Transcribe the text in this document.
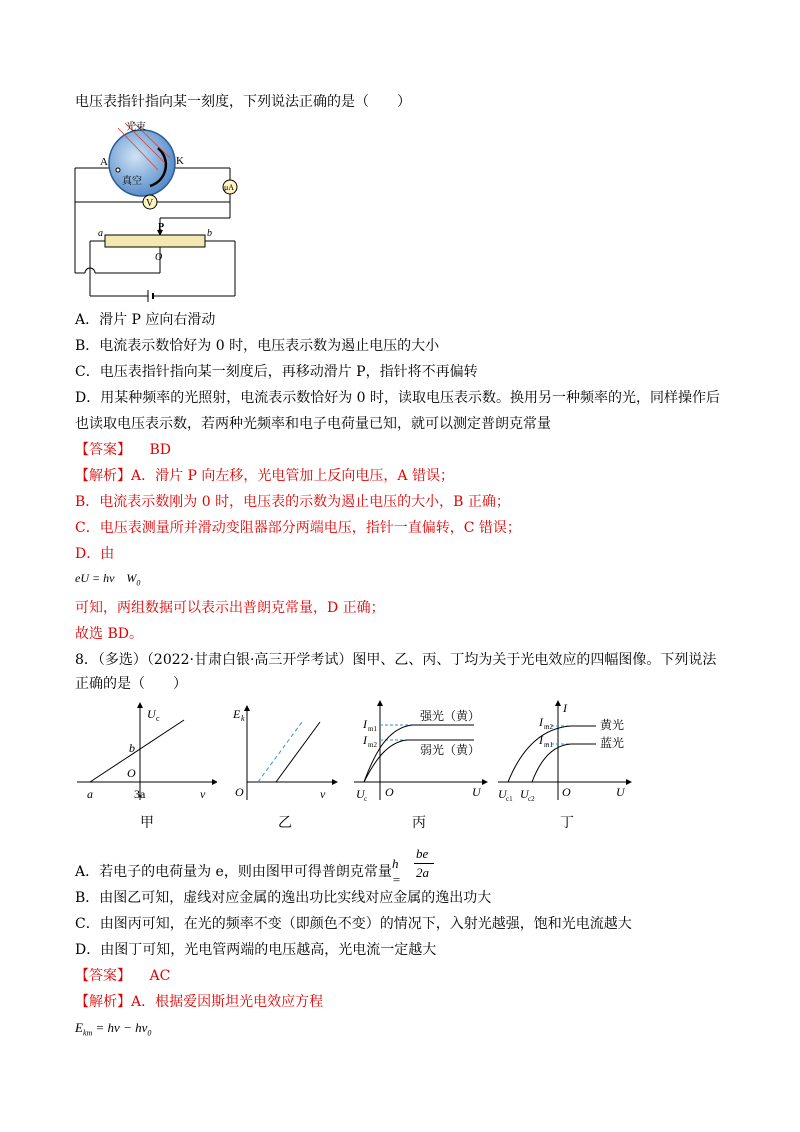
电压表指针指向某一刻度，下列说法正确的是（　　）
光束
真空
A	K
μA
V
P
a	b
O
A．滑片 P 应向右滑动
B．电流表示数恰好为 0 时，电压表示数为遏止电压的大小
C．电压表指针指向某一刻度后，再移动滑片 P，指针将不再偏转
D．用某种频率的光照射，电流表示数恰好为 0 时，读取电压表示数。换用另一种频率的光，同样操作后
也读取电压表示数，若两种光频率和电子电荷量已知，就可以测定普朗克常量
【答案】 BD
【解析】A．滑片 P 向左移，光电管加上反向电压，A 错误；
B．电流表示数刚为 0 时，电压表的示数为遏止电压的大小，B 正确；
C．电压表测量所并滑动变阻器部分两端电压，指针一直偏转，C 错误；
D．由
eU = hν　$W_0$
可知，两组数据可以表示出普朗克常量，D 正确；
故选 BD。
8．（多选）（2022·甘肃白银·高三开学考试）图甲、乙、丙、丁均为关于光电效应的四幅图像。下列说法
正确的是（　　）
U c
b
O
a	3a	ν
甲
E k
O	ν
乙
I m1
I m2
强光（黄）
弱光（黄）
U c O	U
丙
I
I m2
I m1
黄光
蓝光
U c1 U c2 O	U
丁
A．若电子的电荷量为 e，则由图甲可得普朗克常量
h =
be
2a
B．由图乙可知，虚线对应金属的逸出功比实线对应金属的逸出功大
C．由图丙可知，在光的频率不变（即颜色不变）的情况下，入射光越强，饱和光电流越大
D．由图丁可知，光电管两端的电压越高，光电流一定越大
【答案】 AC
【解析】A．根据爱因斯坦光电效应方程
$E_{km} = h\nu - h\nu_0$
